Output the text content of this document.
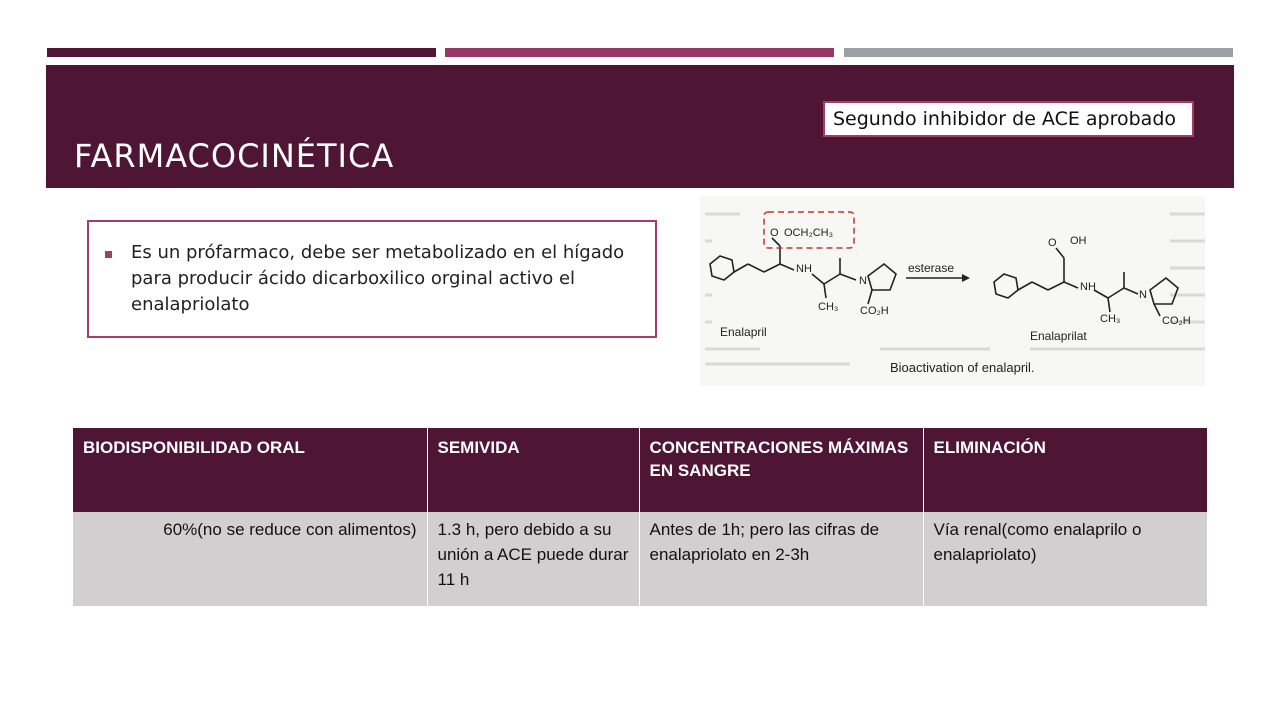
FARMACOCINÉTICA
Segundo inhibidor de ACE aprobado
Es un prófarmaco, debe ser metabolizado en el hígado para producir ácido dicarboxilico orginal activo el enalapriolato
O OCH₂CH₃
NH
CH₃
N
CO₂H
Enalapril
esterase
O OH
NH
CH₃
N
CO₂H
Enalaprilat
Bioactivation of enalapril.
BIODISPONIBILIDAD ORAL	SEMIVIDA	CONCENTRACIONES MÁXIMAS EN SANGRE	ELIMINACIÓN
60%(no se reduce con alimentos)	1.3 h, pero debido a su unión a ACE puede durar 11 h	Antes de 1h; pero las cifras de enalapriolato en 2-3h	Vía renal(como enalaprilo o enalapriolato)
